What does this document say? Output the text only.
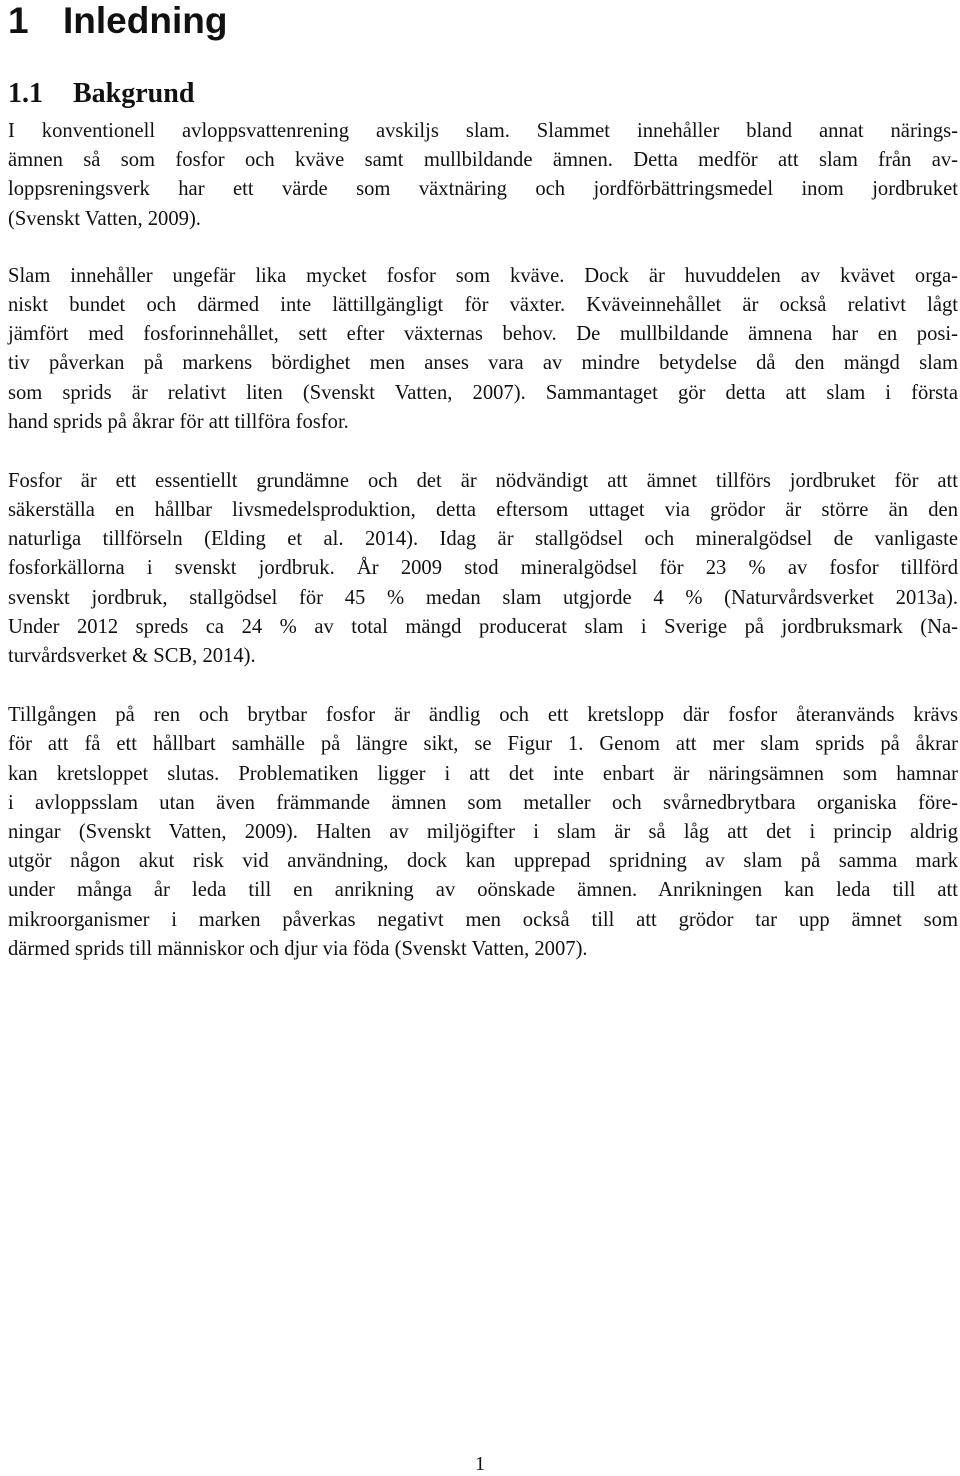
1 Inledning
1.1 Bakgrund
I konventionell avloppsvattenrening avskiljs slam. Slammet innehåller bland annat närings-
ämnen så som fosfor och kväve samt mullbildande ämnen. Detta medför att slam från av-
loppsreningsverk har ett värde som växtnäring och jordförbättringsmedel inom jordbruket
(Svenskt Vatten, 2009).
Slam innehåller ungefär lika mycket fosfor som kväve. Dock är huvuddelen av kvävet orga-
niskt bundet och därmed inte lättillgängligt för växter. Kväveinnehållet är också relativt lågt
jämfört med fosforinnehållet, sett efter växternas behov. De mullbildande ämnena har en posi-
tiv påverkan på markens bördighet men anses vara av mindre betydelse då den mängd slam
som sprids är relativt liten (Svenskt Vatten, 2007). Sammantaget gör detta att slam i första
hand sprids på åkrar för att tillföra fosfor.
Fosfor är ett essentiellt grundämne och det är nödvändigt att ämnet tillförs jordbruket för att
säkerställa en hållbar livsmedelsproduktion, detta eftersom uttaget via grödor är större än den
naturliga tillförseln (Elding et al. 2014). Idag är stallgödsel och mineralgödsel de vanligaste
fosforkällorna i svenskt jordbruk. År 2009 stod mineralgödsel för 23 % av fosfor tillförd
svenskt jordbruk, stallgödsel för 45 % medan slam utgjorde 4 % (Naturvårdsverket 2013a).
Under 2012 spreds ca 24 % av total mängd producerat slam i Sverige på jordbruksmark (Na-
turvårdsverket & SCB, 2014).
Tillgången på ren och brytbar fosfor är ändlig och ett kretslopp där fosfor återanvänds krävs
för att få ett hållbart samhälle på längre sikt, se Figur 1. Genom att mer slam sprids på åkrar
kan kretsloppet slutas. Problematiken ligger i att det inte enbart är näringsämnen som hamnar
i avloppsslam utan även främmande ämnen som metaller och svårnedbrytbara organiska före-
ningar (Svenskt Vatten, 2009). Halten av miljögifter i slam är så låg att det i princip aldrig
utgör någon akut risk vid användning, dock kan upprepad spridning av slam på samma mark
under många år leda till en anrikning av oönskade ämnen. Anrikningen kan leda till att
mikroorganismer i marken påverkas negativt men också till att grödor tar upp ämnet som
därmed sprids till människor och djur via föda (Svenskt Vatten, 2007).
1
